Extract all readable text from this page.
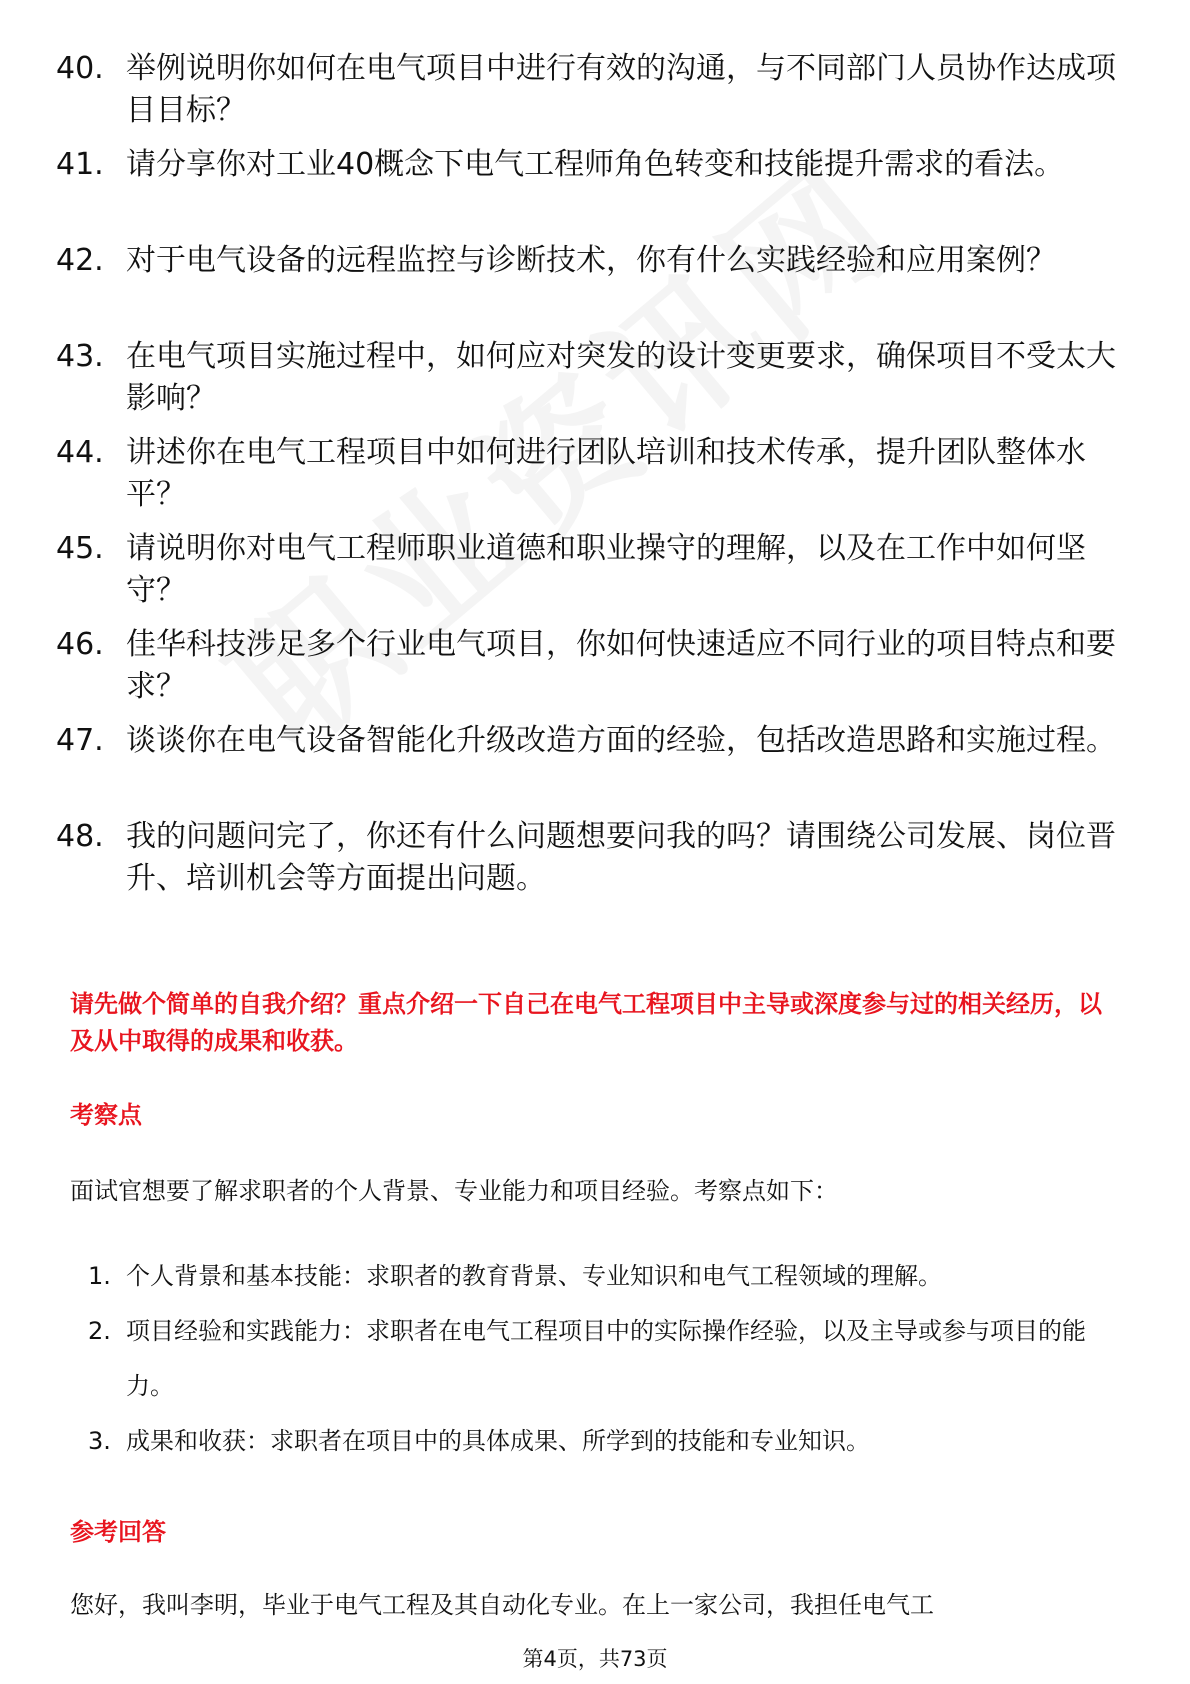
40. 举例说明你如何在电气项目中进行有效的沟通，与不同部门人员协作达成项目目标？
41. 请分享你对工业40概念下电气工程师角色转变和技能提升需求的看法。
42. 对于电气设备的远程监控与诊断技术，你有什么实践经验和应用案例？
43. 在电气项目实施过程中，如何应对突发的设计变更要求，确保项目不受太大影响？
44. 讲述你在电气工程项目中如何进行团队培训和技术传承，提升团队整体水平？
45. 请说明你对电气工程师职业道德和职业操守的理解，以及在工作中如何坚守？
46. 佳华科技涉足多个行业电气项目，你如何快速适应不同行业的项目特点和要求？
47. 谈谈你在电气设备智能化升级改造方面的经验，包括改造思路和实施过程。
48. 我的问题问完了，你还有什么问题想要问我的吗？请围绕公司发展、岗位晋升、培训机会等方面提出问题。
请先做个简单的自我介绍？重点介绍一下自己在电气工程项目中主导或深度参与过的相关经历，以及从中取得的成果和收获。
考察点
面试官想要了解求职者的个人背景、专业能力和项目经验。考察点如下：
1. 个人背景和基本技能：求职者的教育背景、专业知识和电气工程领域的理解。
2. 项目经验和实践能力：求职者在电气工程项目中的实际操作经验，以及主导或参与项目的能力。
3. 成果和收获：求职者在项目中的具体成果、所学到的技能和专业知识。
参考回答
您好，我叫李明，毕业于电气工程及其自动化专业。在上一家公司，我担任电气工
第4页，共73页
